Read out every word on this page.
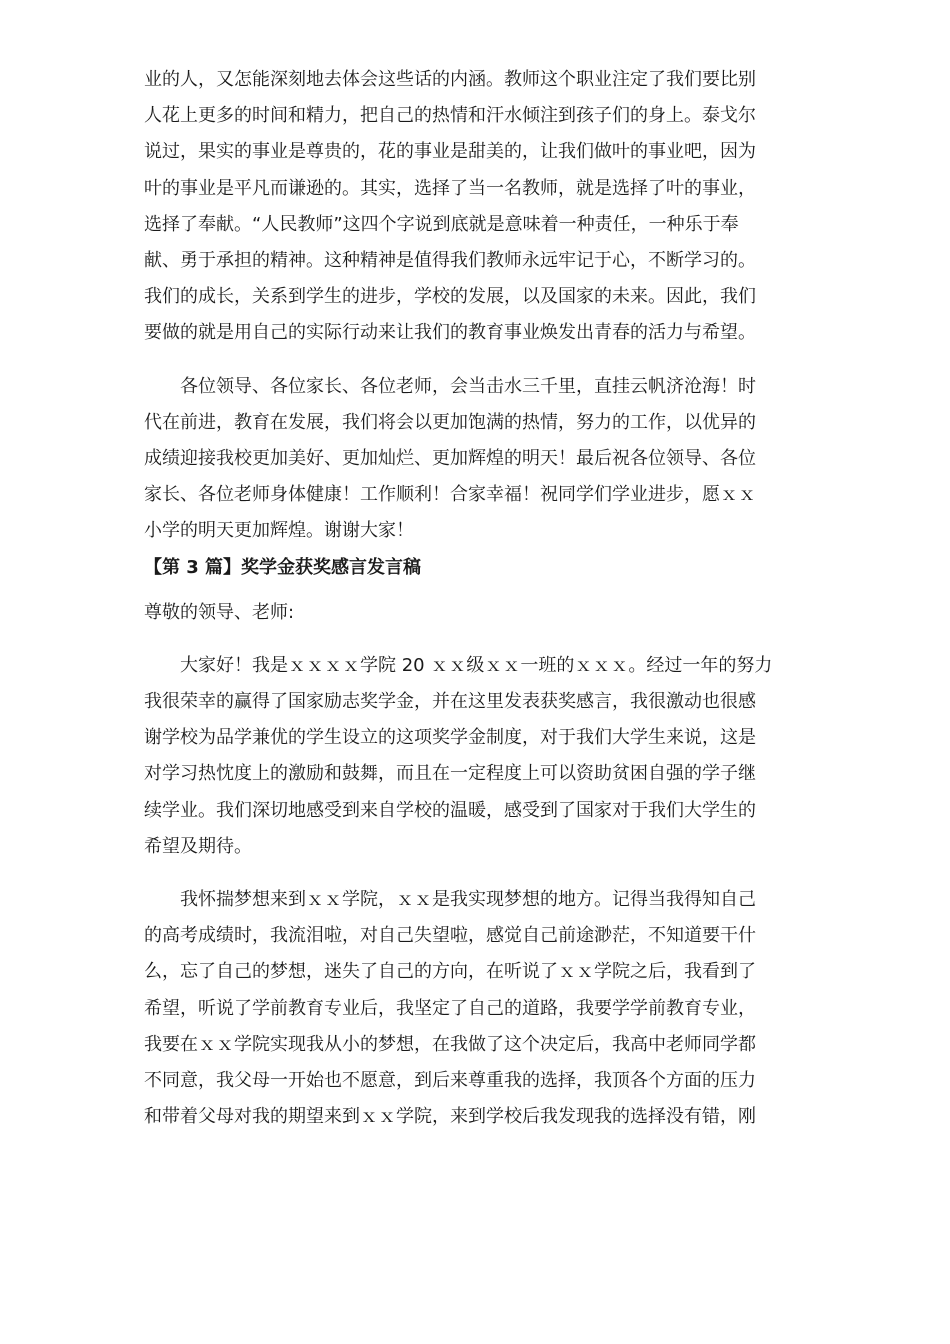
业的人，又怎能深刻地去体会这些话的内涵。教师这个职业注定了我们要比别
人花上更多的时间和精力，把自己的热情和汗水倾注到孩子们的身上。泰戈尔
说过，果实的事业是尊贵的，花的事业是甜美的，让我们做叶的事业吧，因为
叶的事业是平凡而谦逊的。其实，选择了当一名教师，就是选择了叶的事业，
选择了奉献。“人民教师”这四个字说到底就是意味着一种责任，一种乐于奉
献、勇于承担的精神。这种精神是值得我们教师永远牢记于心，不断学习的。
我们的成长，关系到学生的进步，学校的发展，以及国家的未来。因此，我们
要做的就是用自己的实际行动来让我们的教育事业焕发出青春的活力与希望。

各位领导、各位家长、各位老师，会当击水三千里，直挂云帆济沧海！时
代在前进，教育在发展，我们将会以更加饱满的热情，努力的工作，以优异的
成绩迎接我校更加美好、更加灿烂、更加辉煌的明天！最后祝各位领导、各位
家长、各位老师身体健康！工作顺利！合家幸福！祝同学们学业进步，愿ｘｘ
小学的明天更加辉煌。谢谢大家！

【第 3 篇】奖学金获奖感言发言稿

尊敬的领导、老师:

大家好！我是ｘｘｘｘ学院 20 ｘｘ级ｘｘ一班的ｘｘｘ。经过一年的努力
我很荣幸的赢得了国家励志奖学金，并在这里发表获奖感言，我很激动也很感
谢学校为品学兼优的学生设立的这项奖学金制度，对于我们大学生来说，这是
对学习热忱度上的激励和鼓舞，而且在一定程度上可以资助贫困自强的学子继
续学业。我们深切地感受到来自学校的温暖，感受到了国家对于我们大学生的
希望及期待。

我怀揣梦想来到ｘｘ学院，ｘｘ是我实现梦想的地方。记得当我得知自己
的高考成绩时，我流泪啦，对自己失望啦，感觉自己前途渺茫，不知道要干什
么，忘了自己的梦想，迷失了自己的方向，在听说了ｘｘ学院之后，我看到了
希望，听说了学前教育专业后，我坚定了自己的道路，我要学学前教育专业，
我要在ｘｘ学院实现我从小的梦想，在我做了这个决定后，我高中老师同学都
不同意，我父母一开始也不愿意，到后来尊重我的选择，我顶各个方面的压力
和带着父母对我的期望来到ｘｘ学院，来到学校后我发现我的选择没有错，刚
